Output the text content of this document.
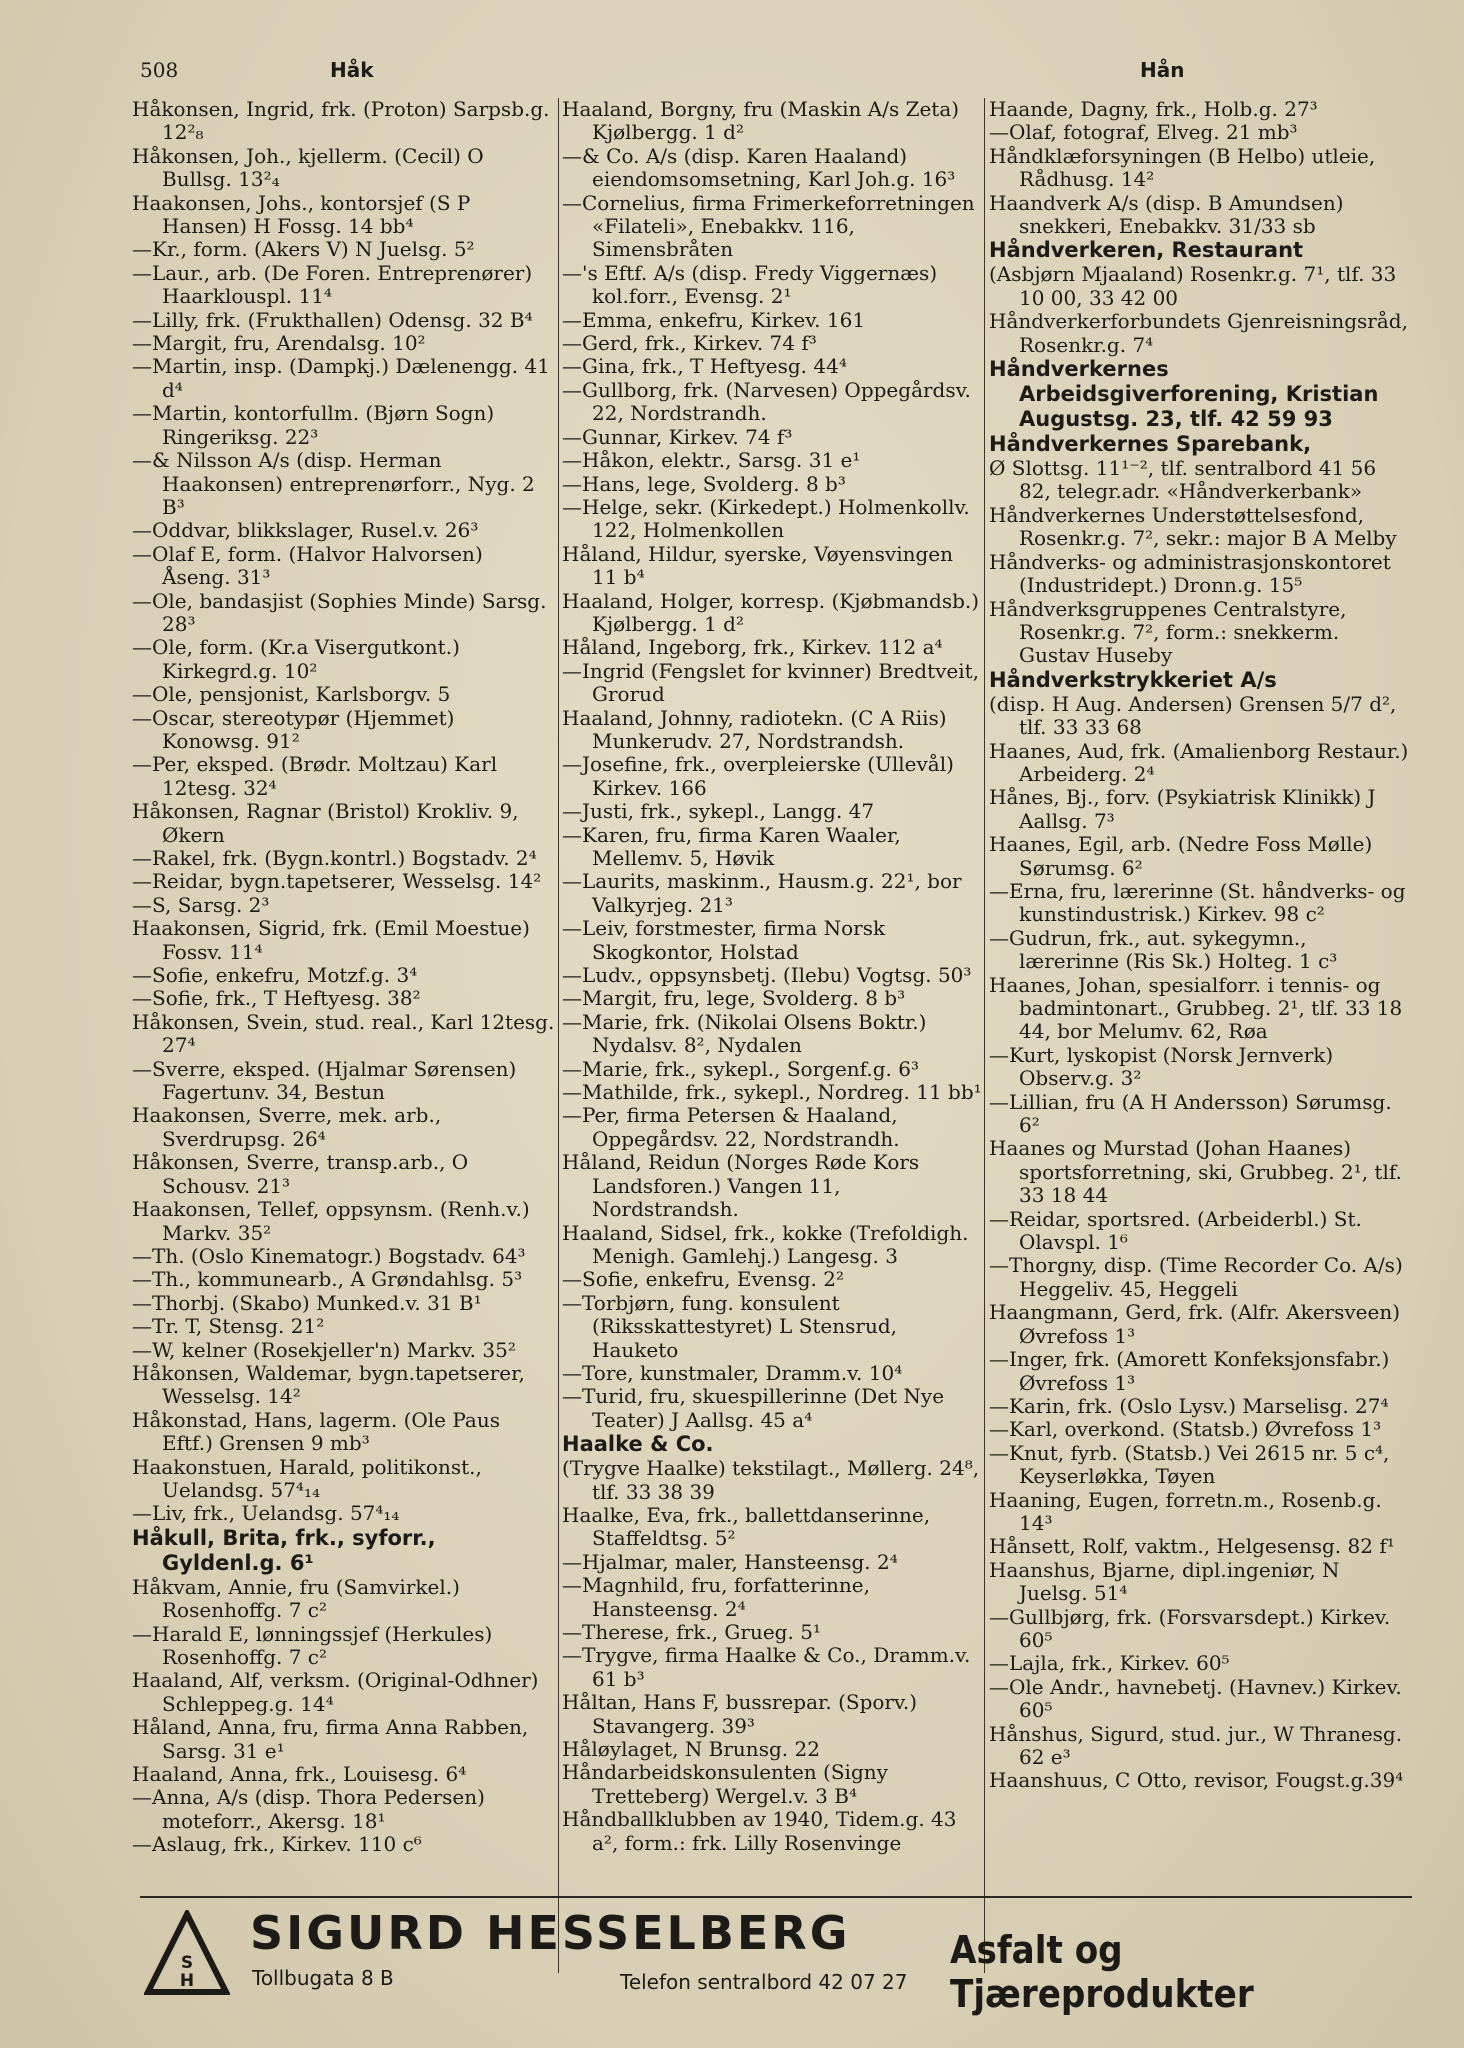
508	Håk	Hån

Håkonsen, Ingrid, frk. (Proton) Sarpsb.g. 12²₈

Håkonsen, Joh., kjellerm. (Cecil) O Bullsg. 13²₄

Haakonsen, Johs., kontorsjef (S P Hansen) H Fossg. 14 bb⁴

—Kr., form. (Akers V) N Juelsg. 5²

—Laur., arb. (De Foren. Entreprenører) Haarklouspl. 11⁴

—Lilly, frk. (Frukthallen) Odensg. 32 B⁴

—Margit, fru, Arendalsg. 10²

—Martin, insp. (Dampkj.) Dælenengg. 41 d⁴

—Martin, kontorfullm. (Bjørn Sogn) Ringeriksg. 22³

—& Nilsson A/s (disp. Herman Haakonsen) entreprenørforr., Nyg. 2 B³

—Oddvar, blikkslager, Rusel.v. 26³

—Olaf E, form. (Halvor Halvorsen) Åseng. 31³

—Ole, bandasjist (Sophies Minde) Sarsg. 28³

—Ole, form. (Kr.a Visergutkont.) Kirkegrd.g. 10²

—Ole, pensjonist, Karlsborgv. 5

—Oscar, stereotypør (Hjemmet) Konowsg. 91²

—Per, eksped. (Brødr. Moltzau) Karl 12tesg. 32⁴

Håkonsen, Ragnar (Bristol) Krokliv. 9, Økern

—Rakel, frk. (Bygn.kontrl.) Bogstadv. 2⁴

—Reidar, bygn.tapetserer, Wesselsg. 14²

—S, Sarsg. 2³

Haakonsen, Sigrid, frk. (Emil Moestue) Fossv. 11⁴

—Sofie, enkefru, Motzf.g. 3⁴

—Sofie, frk., T Heftyesg. 38²

Håkonsen, Svein, stud. real., Karl 12tesg. 27⁴

—Sverre, eksped. (Hjalmar Sørensen) Fagertunv. 34, Bestun

Haakonsen, Sverre, mek. arb., Sverdrupsg. 26⁴

Håkonsen, Sverre, transp.arb., O Schousv. 21³

Haakonsen, Tellef, oppsynsm. (Renh.v.) Markv. 35²

—Th. (Oslo Kinematogr.) Bogstadv. 64³

—Th., kommunearb., A Grøndahlsg. 5³

—Thorbj. (Skabo) Munked.v. 31 B¹

—Tr. T, Stensg. 21²

—W, kelner (Rosekjeller'n) Markv. 35²

Håkonsen, Waldemar, bygn.tapetserer, Wesselsg. 14²

Håkonstad, Hans, lagerm. (Ole Paus Eftf.) Grensen 9 mb³

Haakonstuen, Harald, politikonst., Uelandsg. 57⁴₁₄

—Liv, frk., Uelandsg. 57⁴₁₄

Håkull, Brita, frk., syforr., Gyldenl.g. 6¹

Håkvam, Annie, fru (Samvirkel.) Rosenhoffg. 7 c²

—Harald E, lønningssjef (Herkules) Rosenhoffg. 7 c²

Haaland, Alf, verksm. (Original-Odhner) Schleppeg.g. 14⁴

Håland, Anna, fru, firma Anna Rabben, Sarsg. 31 e¹

Haaland, Anna, frk., Louisesg. 6⁴

—Anna, A/s (disp. Thora Pedersen) moteforr., Akersg. 18¹

—Aslaug, frk., Kirkev. 110 c⁶

Haaland, Borgny, fru (Maskin A/s Zeta) Kjølbergg. 1 d²

—& Co. A/s (disp. Karen Haaland) eiendomsomsetning, Karl Joh.g. 16³

—Cornelius, firma Frimerkeforretningen «Filateli», Enebakkv. 116, Simensbråten

—'s Eftf. A/s (disp. Fredy Viggernæs) kol.forr., Evensg. 2¹

—Emma, enkefru, Kirkev. 161

—Gerd, frk., Kirkev. 74 f³

—Gina, frk., T Heftyesg. 44⁴

—Gullborg, frk. (Narvesen) Oppegårdsv. 22, Nordstrandh.

—Gunnar, Kirkev. 74 f³

—Håkon, elektr., Sarsg. 31 e¹

—Hans, lege, Svolderg. 8 b³

—Helge, sekr. (Kirkedept.) Holmenkollv. 122, Holmenkollen

Håland, Hildur, syerske, Vøyensvingen 11 b⁴

Haaland, Holger, korresp. (Kjøbmandsb.) Kjølbergg. 1 d²

Håland, Ingeborg, frk., Kirkev. 112 a⁴

—Ingrid (Fengslet for kvinner) Bredtveit, Grorud

Haaland, Johnny, radiotekn. (C A Riis) Munkerudv. 27, Nordstrandsh.

—Josefine, frk., overpleierske (Ullevål) Kirkev. 166

—Justi, frk., sykepl., Langg. 47

—Karen, fru, firma Karen Waaler, Mellemv. 5, Høvik

—Laurits, maskinm., Hausm.g. 22¹, bor Valkyrjeg. 21³

—Leiv, forstmester, firma Norsk Skogkontor, Holstad

—Ludv., oppsynsbetj. (Ilebu) Vogtsg. 50³

—Margit, fru, lege, Svolderg. 8 b³

—Marie, frk. (Nikolai Olsens Boktr.) Nydalsv. 8², Nydalen

—Marie, frk., sykepl., Sorgenf.g. 6³

—Mathilde, frk., sykepl., Nordreg. 11 bb¹

—Per, firma Petersen & Haaland, Oppegårdsv. 22, Nordstrandh.

Håland, Reidun (Norges Røde Kors Landsforen.) Vangen 11, Nordstrandsh.

Haaland, Sidsel, frk., kokke (Trefoldigh. Menigh. Gamlehj.) Langesg. 3

—Sofie, enkefru, Evensg. 2²

—Torbjørn, fung. konsulent (Riksskattestyret) L Stensrud, Hauketo

—Tore, kunstmaler, Dramm.v. 10⁴

—Turid, fru, skuespillerinne (Det Nye Teater) J Aallsg. 45 a⁴

Haalke & Co.

(Trygve Haalke) tekstilagt., Møllerg. 24⁸, tlf. 33 38 39

Haalke, Eva, frk., ballettdanserinne, Staffeldtsg. 5²

—Hjalmar, maler, Hansteensg. 2⁴

—Magnhild, fru, forfatterinne, Hansteensg. 2⁴

—Therese, frk., Grueg. 5¹

—Trygve, firma Haalke & Co., Dramm.v. 61 b³

Håltan, Hans F, bussrepar. (Sporv.) Stavangerg. 39³

Håløylaget, N Brunsg. 22

Håndarbeidskonsulenten (Signy Tretteberg) Wergel.v. 3 B⁴

Håndballklubben av 1940, Tidem.g. 43 a², form.: frk. Lilly Rosenvinge

Haande, Dagny, frk., Holb.g. 27³

—Olaf, fotograf, Elveg. 21 mb³

Håndklæforsyningen (B Helbo) utleie, Rådhusg. 14²

Haandverk A/s (disp. B Amundsen) snekkeri, Enebakkv. 31/33 sb

Håndverkeren, Restaurant

(Asbjørn Mjaaland) Rosenkr.g. 7¹, tlf. 33 10 00, 33 42 00

Håndverkerforbundets Gjenreisningsråd, Rosenkr.g. 7⁴

Håndverkernes Arbeidsgiverforening, Kristian Augustsg. 23, tlf. 42 59 93

Håndverkernes Sparebank,

Ø Slottsg. 11¹⁻², tlf. sentralbord 41 56 82, telegr.adr. «Håndverkerbank»

Håndverkernes Understøttelsesfond, Rosenkr.g. 7², sekr.: major B A Melby

Håndverks- og administrasjonskontoret (Industridept.) Dronn.g. 15⁵

Håndverksgruppenes Centralstyre, Rosenkr.g. 7², form.: snekkerm. Gustav Huseby

Håndverkstrykkeriet A/s

(disp. H Aug. Andersen) Grensen 5/7 d², tlf. 33 33 68

Haanes, Aud, frk. (Amalienborg Restaur.) Arbeiderg. 2⁴

Hånes, Bj., forv. (Psykiatrisk Klinikk) J Aallsg. 7³

Haanes, Egil, arb. (Nedre Foss Mølle) Sørumsg. 6²

—Erna, fru, lærerinne (St. håndverks- og kunstindustrisk.) Kirkev. 98 c²

—Gudrun, frk., aut. sykegymn., lærerinne (Ris Sk.) Holteg. 1 c³

Haanes, Johan, spesialforr. i tennis- og badmintonart., Grubbeg. 2¹, tlf. 33 18 44, bor Melumv. 62, Røa

—Kurt, lyskopist (Norsk Jernverk) Observ.g. 3²

—Lillian, fru (A H Andersson) Sørumsg. 6²

Haanes og Murstad (Johan Haanes) sportsforretning, ski, Grubbeg. 2¹, tlf. 33 18 44

—Reidar, sportsred. (Arbeiderbl.) St. Olavspl. 1⁶

—Thorgny, disp. (Time Recorder Co. A/s) Heggeliv. 45, Heggeli

Haangmann, Gerd, frk. (Alfr. Akersveen) Øvrefoss 1³

—Inger, frk. (Amorett Konfeksjonsfabr.) Øvrefoss 1³

—Karin, frk. (Oslo Lysv.) Marselisg. 27⁴

—Karl, overkond. (Statsb.) Øvrefoss 1³

—Knut, fyrb. (Statsb.) Vei 2615 nr. 5 c⁴, Keyserløkka, Tøyen

Haaning, Eugen, forretn.m., Rosenb.g. 14³

Hånsett, Rolf, vaktm., Helgesensg. 82 f¹

Haanshus, Bjarne, dipl.ingeniør, N Juelsg. 51⁴

—Gullbjørg, frk. (Forsvarsdept.) Kirkev. 60⁵

—Lajla, frk., Kirkev. 60⁵

—Ole Andr., havnebetj. (Havnev.) Kirkev. 60⁵

Hånshus, Sigurd, stud. jur., W Thranesg. 62 e³

Haanshuus, C Otto, revisor, Fougst.g.39⁴

S
H
SIGURD HESSELBERG
Tollbugata 8 B	Telefon sentralbord 42 07 27
Asfalt og Tjæreprodukter
